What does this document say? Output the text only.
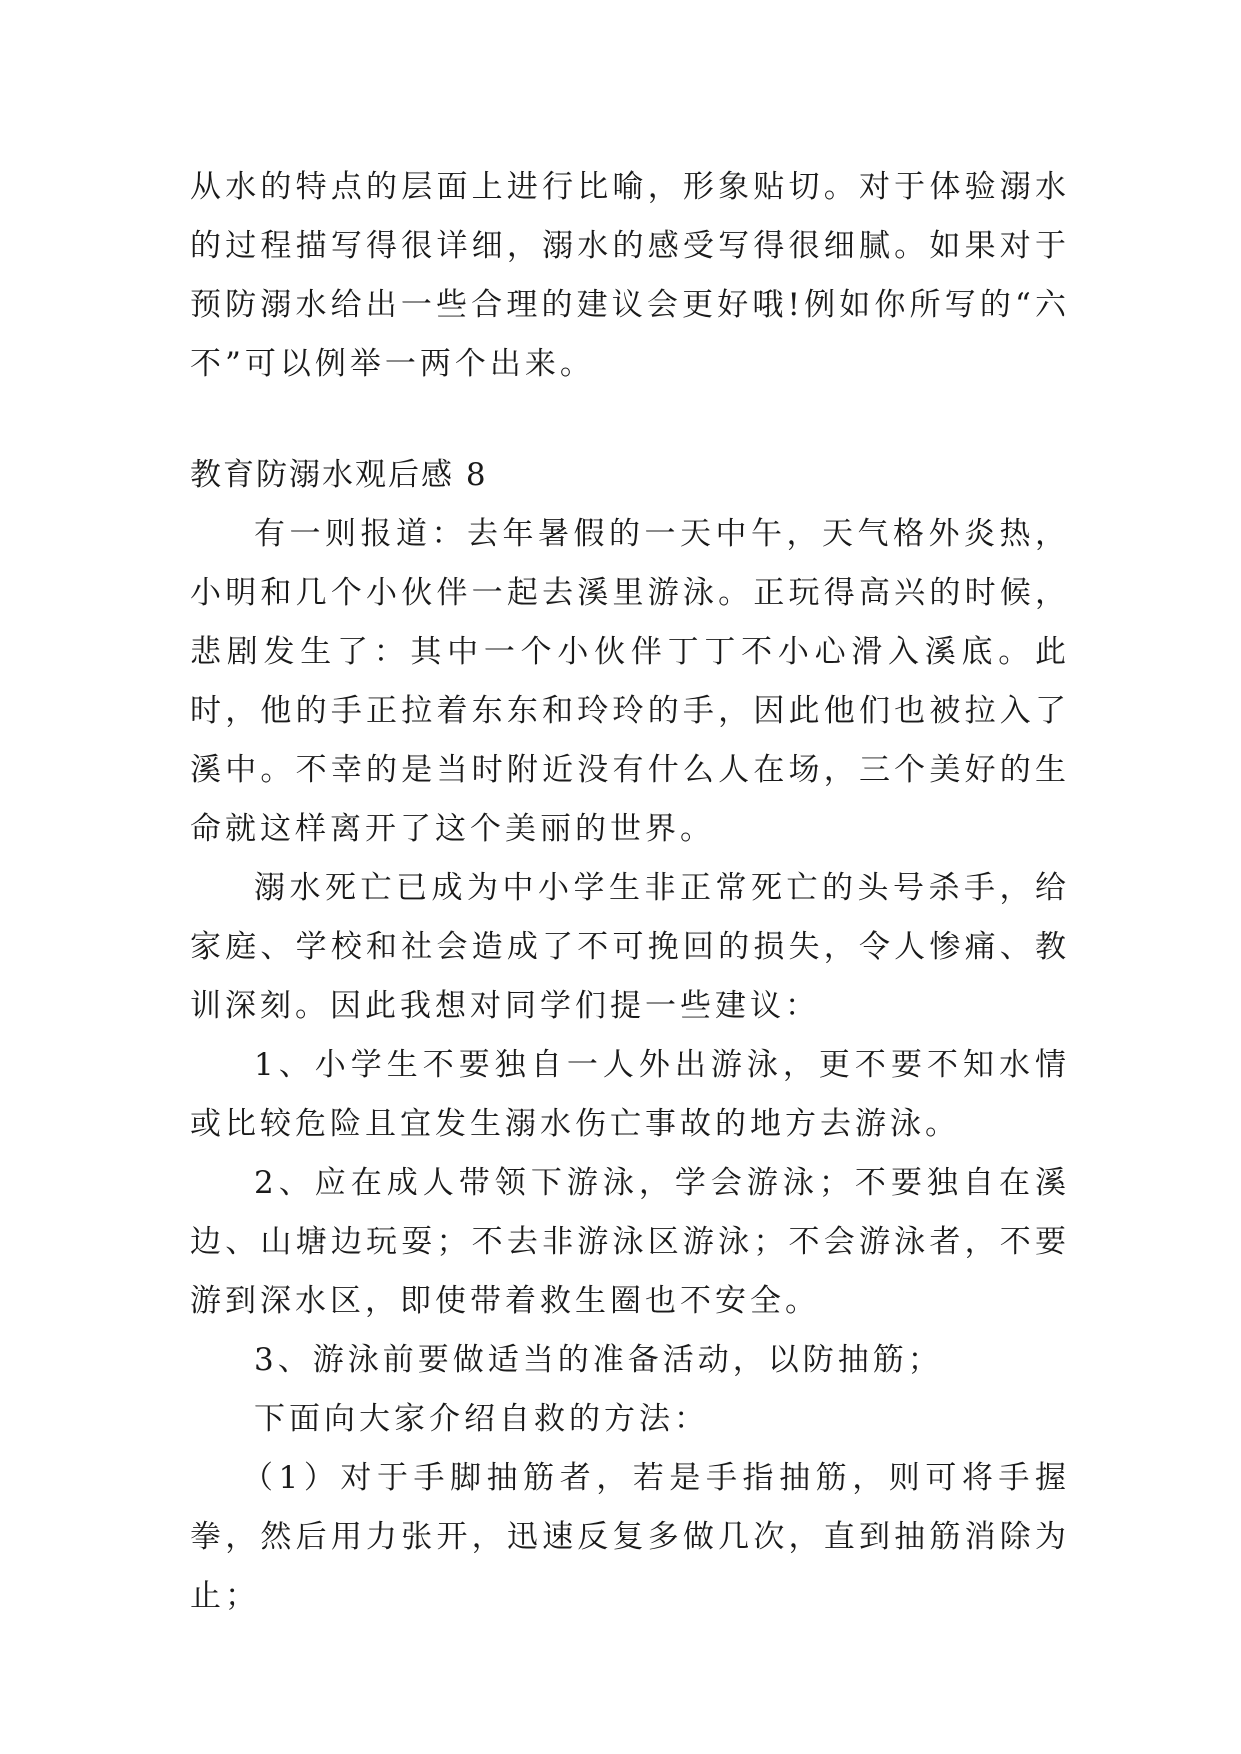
从水的特点的层面上进行比喻，形象贴切。对于体验溺水的过程描写得很详细，溺水的感受写得很细腻。如果对于预防溺水给出一些合理的建议会更好哦!例如你所写的“六不”可以例举一两个出来。

教育防溺水观后感 8

有一则报道：去年暑假的一天中午，天气格外炎热，小明和几个小伙伴一起去溪里游泳。正玩得高兴的时候，悲剧发生了：其中一个小伙伴丁丁不小心滑入溪底。此时，他的手正拉着东东和玲玲的手，因此他们也被拉入了溪中。不幸的是当时附近没有什么人在场，三个美好的生命就这样离开了这个美丽的世界。

溺水死亡已成为中小学生非正常死亡的头号杀手，给家庭、学校和社会造成了不可挽回的损失，令人惨痛、教训深刻。因此我想对同学们提一些建议：

1、小学生不要独自一人外出游泳，更不要不知水情或比较危险且宜发生溺水伤亡事故的地方去游泳。

2、应在成人带领下游泳，学会游泳；不要独自在溪边、山塘边玩耍；不去非游泳区游泳；不会游泳者，不要游到深水区，即使带着救生圈也不安全。

3、游泳前要做适当的准备活动，以防抽筋；

下面向大家介绍自救的方法：

（1）对于手脚抽筋者，若是手指抽筋，则可将手握拳，然后用力张开，迅速反复多做几次，直到抽筋消除为止；
